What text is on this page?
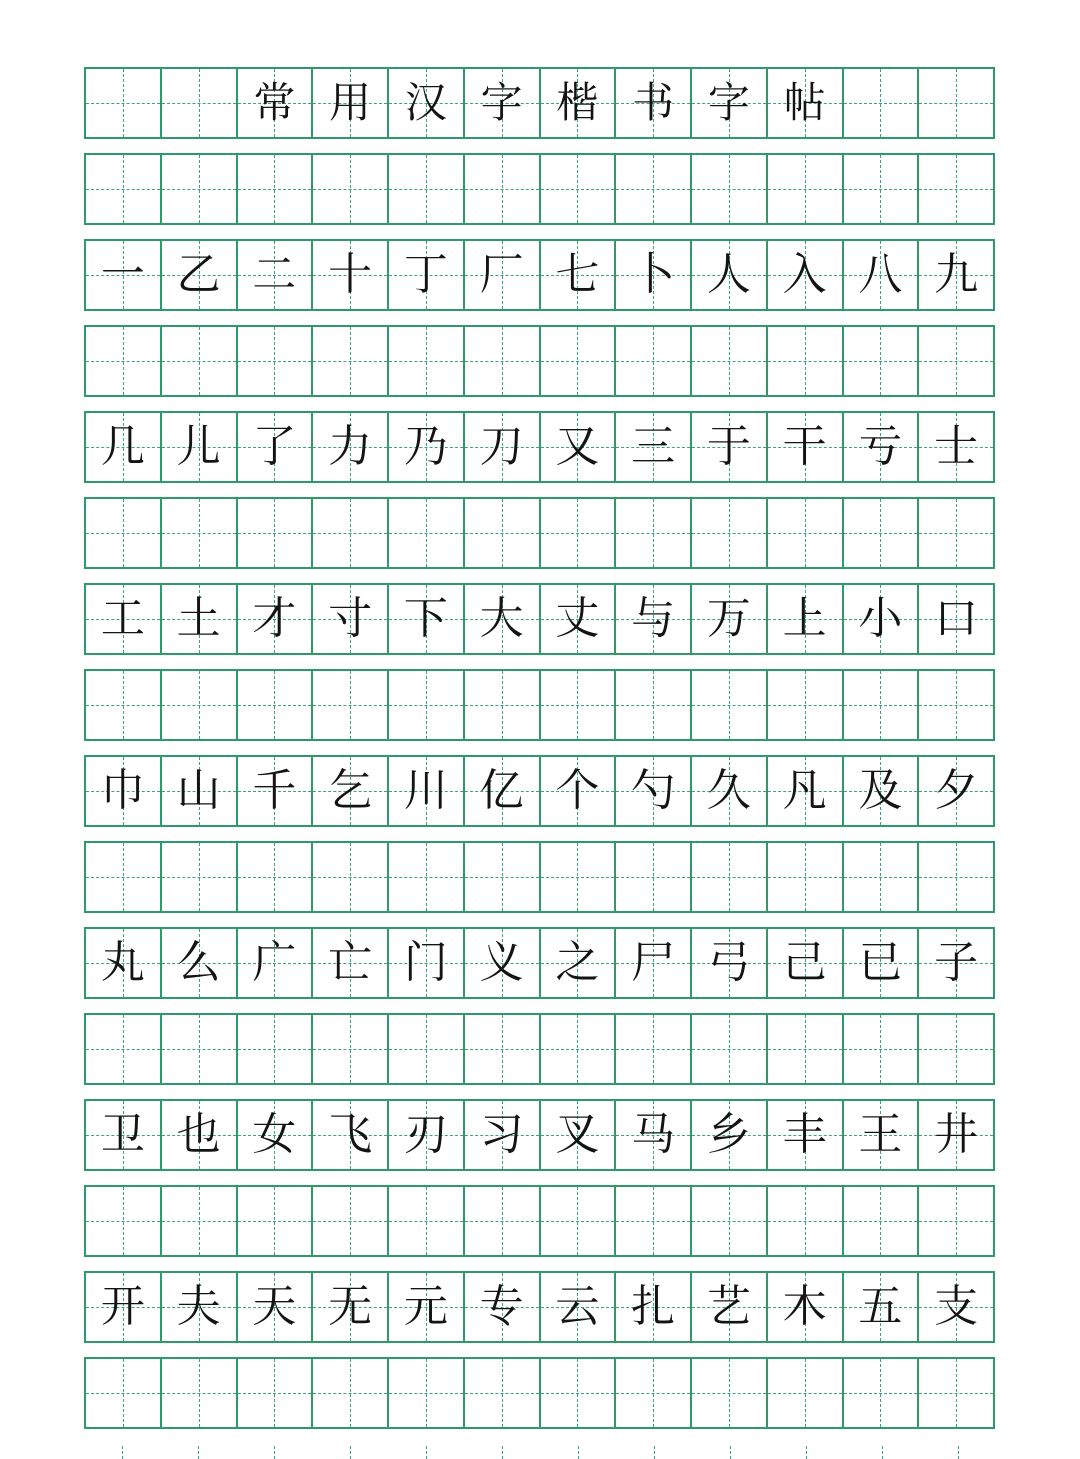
常 用 汉 字 楷 书 字 帖
一 乙 二 十 丁 厂 七 卜 人 入 八 九
几 儿 了 力 乃 刀 又 三 于 干 亏 士
工 土 才 寸 下 大 丈 与 万 上 小 口
巾 山 千 乞 川 亿 个 勺 久 凡 及 夕
丸 么 广 亡 门 义 之 尸 弓 己 已 子
卫 也 女 飞 刃 习 叉 马 乡 丰 王 井
开 夫 天 无 元 专 云 扎 艺 木 五 支
